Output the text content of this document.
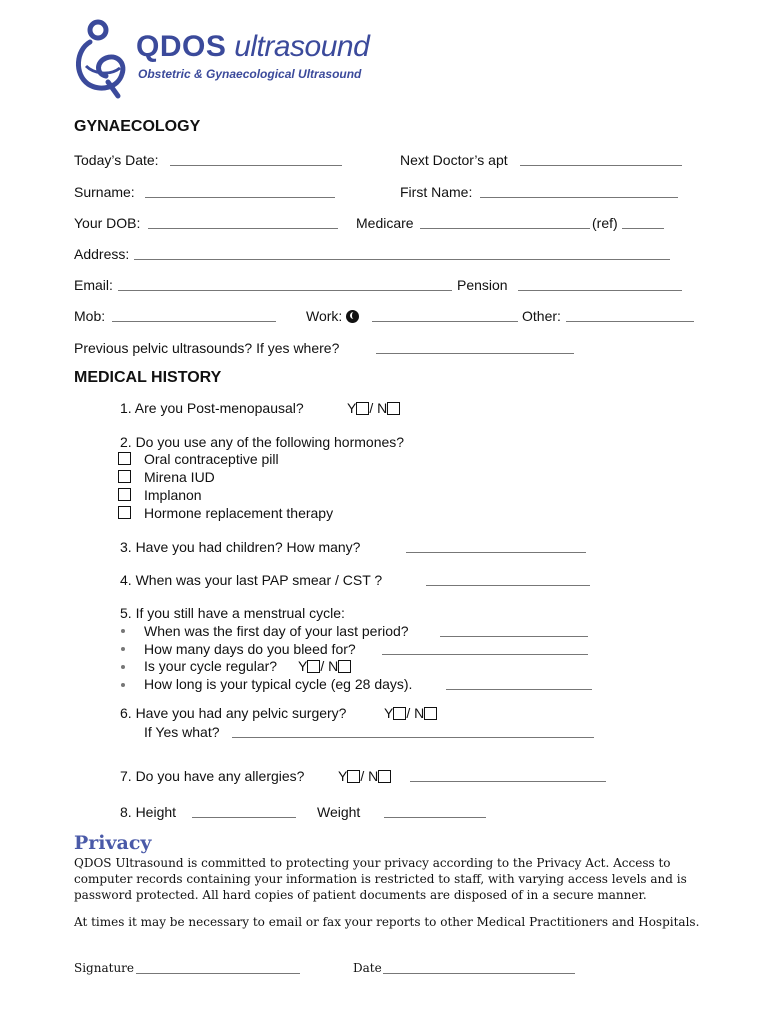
QDOS ultrasound
Obstetric & Gynaecological Ultrasound
GYNAECOLOGY
Today’s Date:	Next Doctor’s apt
Surname:	First Name:
Your DOB:	Medicare	(ref)
Address:
Email:	Pension
Mob:	Work:	Other:
Previous pelvic ultrasounds? If yes where?
MEDICAL HISTORY
1. Are you Post-menopausal?	Y / N
2. Do you use any of the following hormones?
Oral contraceptive pill
Mirena IUD
Implanon
Hormone replacement therapy
3. Have you had children? How many?
4. When was your last PAP smear / CST ?
5. If you still have a menstrual cycle:
When was the first day of your last period?
How many days do you bleed for?
Is your cycle regular? Y / N
How long is your typical cycle (eg 28 days).
6. Have you had any pelvic surgery?	Y / N
If Yes what?
7. Do you have any allergies? Y / N
8. Height	Weight
Privacy
QDOS Ultrasound is committed to protecting your privacy according to the Privacy Act. Access to computer records containing your information is restricted to staff, with varying access levels and is password protected. All hard copies of patient documents are disposed of in a secure manner.
At times it may be necessary to email or fax your reports to other Medical Practitioners and Hospitals.
Signature	Date
